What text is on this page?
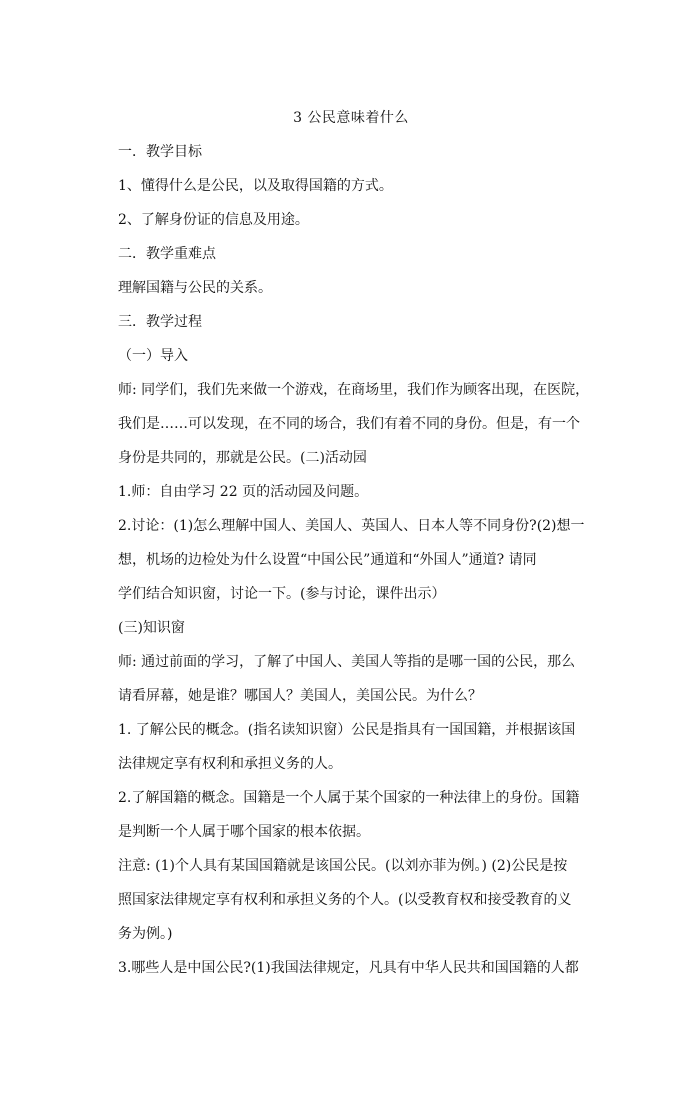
3 公民意味着什么
一．教学目标
1、懂得什么是公民，以及取得国籍的方式。
2、了解身份证的信息及用途。
二．教学重难点
理解国籍与公民的关系。
三．教学过程
（一）导入
师: 同学们，我们先来做一个游戏，在商场里，我们作为顾客出现，在医院，
我们是……可以发现，在不同的场合，我们有着不同的身份。但是，有一个
身份是共同的，那就是公民。(二)活动园
1.师：自由学习 22 页的活动园及问题。
2.讨论：(1)怎么理解中国人、美国人、英国人、日本人等不同身份?(2)想一
想，机场的边检处为什么设置“中国公民”通道和“外国人”通道? 请同
学们结合知识窗，讨论一下。(参与讨论，课件出示）
(三)知识窗
师: 通过前面的学习，了解了中国人、美国人等指的是哪一国的公民，那么
请看屏幕，她是谁？哪国人？美国人，美国公民。为什么？
1. 了解公民的概念。(指名读知识窗）公民是指具有一国国籍，并根据该国
法律规定享有权利和承担义务的人。
2.了解国籍的概念。国籍是一个人属于某个国家的一种法律上的身份。国籍
是判断一个人属于哪个国家的根本依据。
注意: (1)个人具有某国国籍就是该国公民。(以刘亦菲为例。) (2)公民是按
照国家法律规定享有权利和承担义务的个人。(以受教育权和接受教育的义
务为例。)
3.哪些人是中国公民?(1)我国法律规定，凡具有中华人民共和国国籍的人都
